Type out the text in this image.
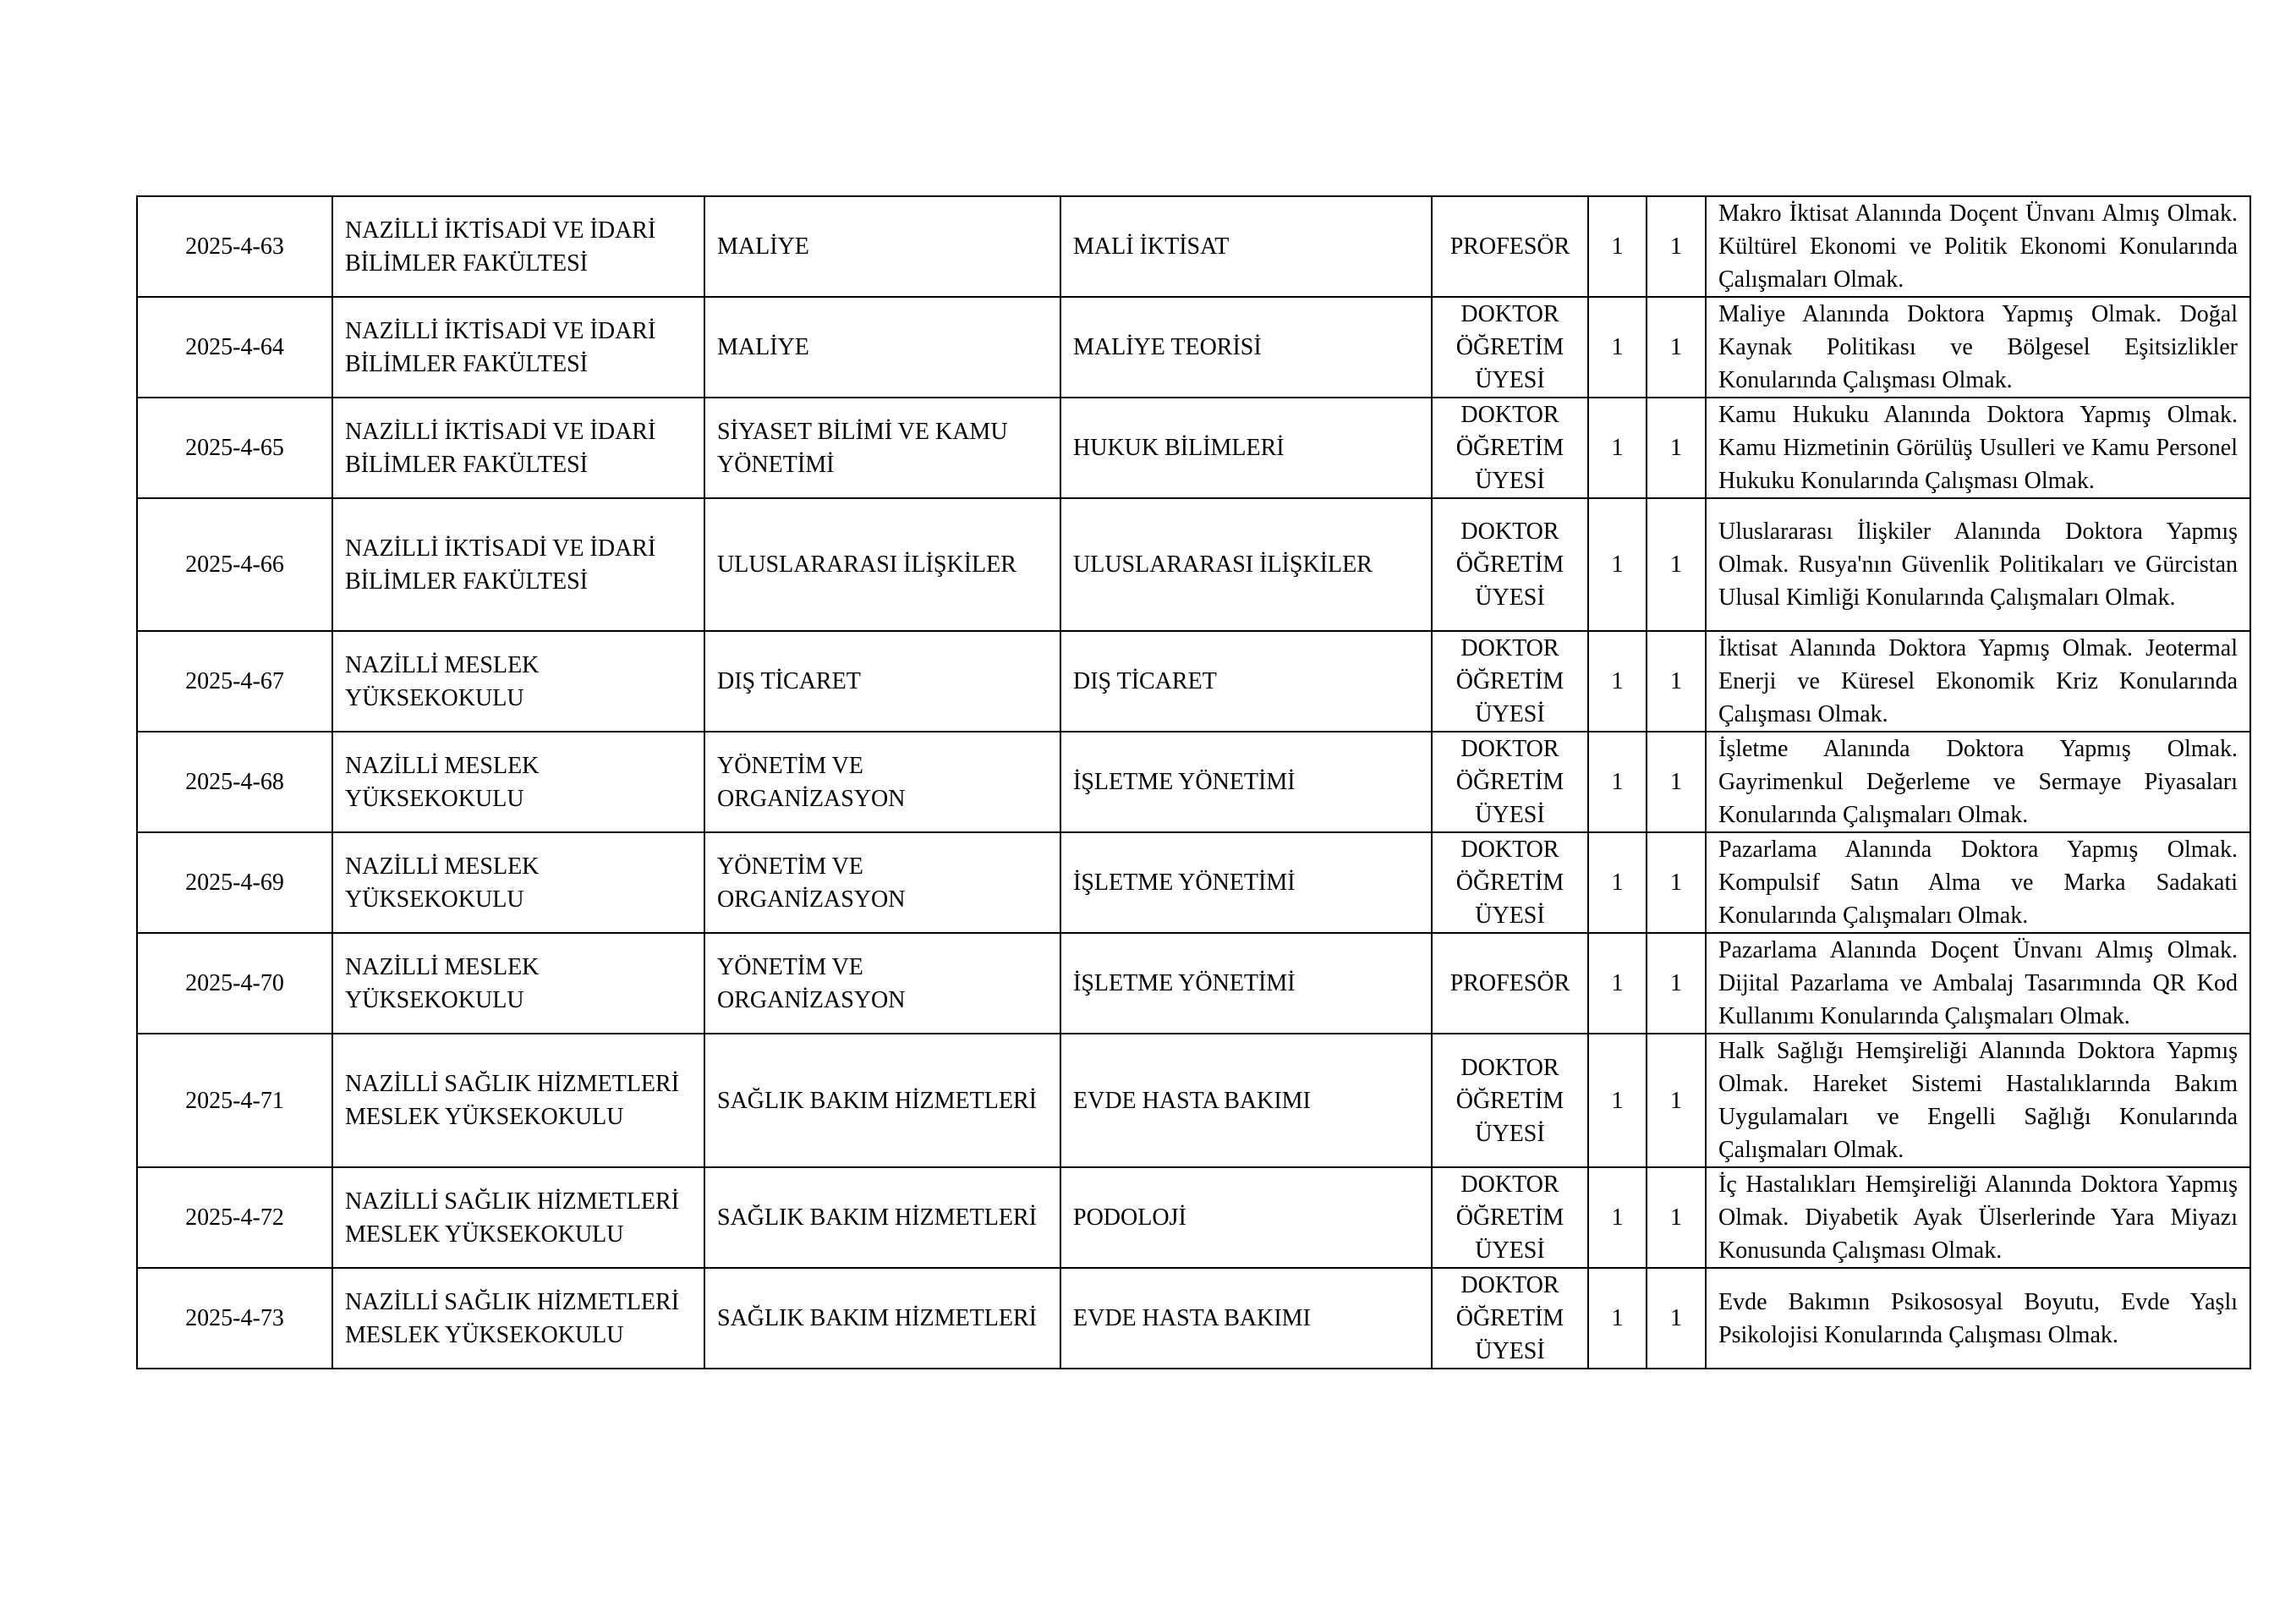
2025-4-63	NAZİLLİ İKTİSADİ VE İDARİ BİLİMLER FAKÜLTESİ	MALİYE	MALİ İKTİSAT	PROFESÖR	1	1	Makro İktisat Alanında Doçent Ünvanı Almış Olmak. Kültürel Ekonomi ve Politik Ekonomi Konularında Çalışmaları Olmak.
2025-4-64	NAZİLLİ İKTİSADİ VE İDARİ BİLİMLER FAKÜLTESİ	MALİYE	MALİYE TEORİSİ	DOKTOR ÖĞRETİM ÜYESİ	1	1	Maliye Alanında Doktora Yapmış Olmak. Doğal Kaynak Politikası ve Bölgesel Eşitsizlikler Konularında Çalışması Olmak.
2025-4-65	NAZİLLİ İKTİSADİ VE İDARİ BİLİMLER FAKÜLTESİ	SİYASET BİLİMİ VE KAMU YÖNETİMİ	HUKUK BİLİMLERİ	DOKTOR ÖĞRETİM ÜYESİ	1	1	Kamu Hukuku Alanında Doktora Yapmış Olmak. Kamu Hizmetinin Görülüş Usulleri ve Kamu Personel Hukuku Konularında Çalışması Olmak.
2025-4-66	NAZİLLİ İKTİSADİ VE İDARİ BİLİMLER FAKÜLTESİ	ULUSLARARASI İLİŞKİLER	ULUSLARARASI İLİŞKİLER	DOKTOR ÖĞRETİM ÜYESİ	1	1	Uluslararası İlişkiler Alanında Doktora Yapmış Olmak. Rusya'nın Güvenlik Politikaları ve Gürcistan Ulusal Kimliği Konularında Çalışmaları Olmak.
2025-4-67	NAZİLLİ MESLEK YÜKSEKOKULU	DIŞ TİCARET	DIŞ TİCARET	DOKTOR ÖĞRETİM ÜYESİ	1	1	İktisat Alanında Doktora Yapmış Olmak. Jeotermal Enerji ve Küresel Ekonomik Kriz Konularında Çalışması Olmak.
2025-4-68	NAZİLLİ MESLEK YÜKSEKOKULU	YÖNETİM VE ORGANİZASYON	İŞLETME YÖNETİMİ	DOKTOR ÖĞRETİM ÜYESİ	1	1	İşletme Alanında Doktora Yapmış Olmak. Gayrimenkul Değerleme ve Sermaye Piyasaları Konularında Çalışmaları Olmak.
2025-4-69	NAZİLLİ MESLEK YÜKSEKOKULU	YÖNETİM VE ORGANİZASYON	İŞLETME YÖNETİMİ	DOKTOR ÖĞRETİM ÜYESİ	1	1	Pazarlama Alanında Doktora Yapmış Olmak. Kompulsif Satın Alma ve Marka Sadakati Konularında Çalışmaları Olmak.
2025-4-70	NAZİLLİ MESLEK YÜKSEKOKULU	YÖNETİM VE ORGANİZASYON	İŞLETME YÖNETİMİ	PROFESÖR	1	1	Pazarlama Alanında Doçent Ünvanı Almış Olmak. Dijital Pazarlama ve Ambalaj Tasarımında QR Kod Kullanımı Konularında Çalışmaları Olmak.
2025-4-71	NAZİLLİ SAĞLIK HİZMETLERİ MESLEK YÜKSEKOKULU	SAĞLIK BAKIM HİZMETLERİ	EVDE HASTA BAKIMI	DOKTOR ÖĞRETİM ÜYESİ	1	1	Halk Sağlığı Hemşireliği Alanında Doktora Yapmış Olmak. Hareket Sistemi Hastalıklarında Bakım Uygulamaları ve Engelli Sağlığı Konularında Çalışmaları Olmak.
2025-4-72	NAZİLLİ SAĞLIK HİZMETLERİ MESLEK YÜKSEKOKULU	SAĞLIK BAKIM HİZMETLERİ	PODOLOJİ	DOKTOR ÖĞRETİM ÜYESİ	1	1	İç Hastalıkları Hemşireliği Alanında Doktora Yapmış Olmak. Diyabetik Ayak Ülserlerinde Yara Miyazı Konusunda Çalışması Olmak.
2025-4-73	NAZİLLİ SAĞLIK HİZMETLERİ MESLEK YÜKSEKOKULU	SAĞLIK BAKIM HİZMETLERİ	EVDE HASTA BAKIMI	DOKTOR ÖĞRETİM ÜYESİ	1	1	Evde Bakımın Psikososyal Boyutu, Evde Yaşlı Psikolojisi Konularında Çalışması Olmak.
